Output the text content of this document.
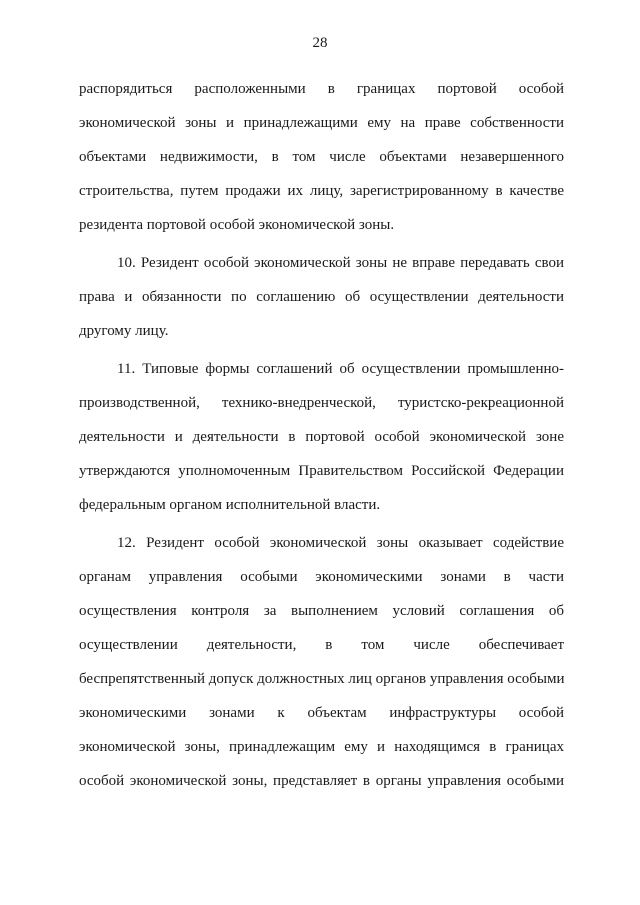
28

распорядиться расположенными в границах портовой особой
экономической зоны и принадлежащими ему на праве собственности
объектами недвижимости, в том числе объектами незавершенного
строительства, путем продажи их лицу, зарегистрированному в качестве
резидента портовой особой экономической зоны.

10. Резидент особой экономической зоны не вправе передавать свои
права и обязанности по соглашению об осуществлении деятельности
другому лицу.

11. Типовые формы соглашений об осуществлении промышленно-
производственной, технико-внедренческой, туристско-рекреационной
деятельности и деятельности в портовой особой экономической зоне
утверждаются уполномоченным Правительством Российской Федерации
федеральным органом исполнительной власти.

12. Резидент особой экономической зоны оказывает содействие
органам управления особыми экономическими зонами в части
осуществления контроля за выполнением условий соглашения об
осуществлении деятельности, в том числе обеспечивает
беспрепятственный допуск должностных лиц органов управления особыми
экономическими зонами к объектам инфраструктуры особой
экономической зоны, принадлежащим ему и находящимся в границах
особой экономической зоны, представляет в органы управления особыми
